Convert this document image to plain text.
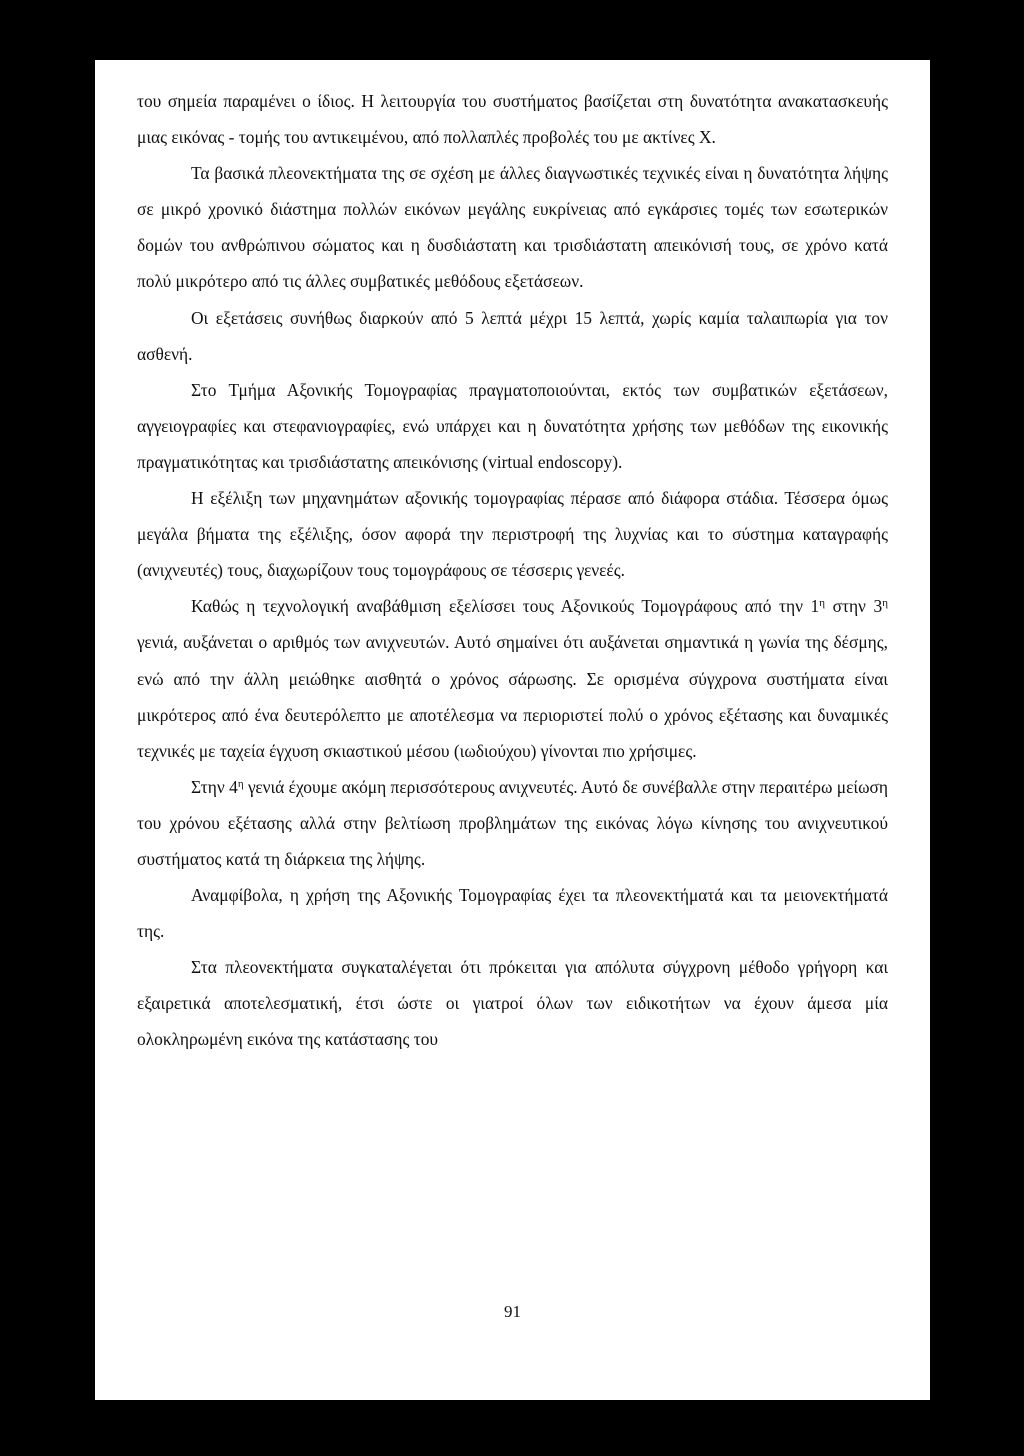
του σημεία παραμένει ο ίδιος. Η λειτουργία του συστήματος βασίζεται στη δυνατότητα ανακατασκευής μιας εικόνας - τομής του αντικειμένου, από πολλαπλές προβολές του με ακτίνες Χ.

Τα βασικά πλεονεκτήματα της σε σχέση με άλλες διαγνωστικές τεχνικές είναι η δυνατότητα λήψης σε μικρό χρονικό διάστημα πολλών εικόνων μεγάλης ευκρίνειας από εγκάρσιες τομές των εσωτερικών δομών του ανθρώπινου σώματος και η δυσδιάστατη και τρισδιάστατη απεικόνισή τους, σε χρόνο κατά πολύ μικρότερο από τις άλλες συμβατικές μεθόδους εξετάσεων.

Οι εξετάσεις συνήθως διαρκούν από 5 λεπτά μέχρι 15 λεπτά, χωρίς καμία ταλαιπωρία για τον ασθενή.

Στο Τμήμα Αξονικής Τομογραφίας πραγματοποιούνται, εκτός των συμβατικών εξετάσεων, αγγειογραφίες και στεφανιογραφίες, ενώ υπάρχει και η δυνατότητα χρήσης των μεθόδων της εικονικής πραγματικότητας και τρισδιάστατης απεικόνισης (virtual endoscopy).

Η εξέλιξη των μηχανημάτων αξονικής τομογραφίας πέρασε από διάφορα στάδια. Τέσσερα όμως μεγάλα βήματα της εξέλιξης, όσον αφορά την περιστροφή της λυχνίας και το σύστημα καταγραφής (ανιχνευτές) τους, διαχωρίζουν τους τομογράφους σε τέσσερις γενεές.

Καθώς η τεχνολογική αναβάθμιση εξελίσσει τους Αξονικούς Τομογράφους από την $1^\eta$ στην $3^\eta$ γενιά, αυξάνεται ο αριθμός των ανιχνευτών. Αυτό σημαίνει ότι αυξάνεται σημαντικά η γωνία της δέσμης, ενώ από την άλλη μειώθηκε αισθητά ο χρόνος σάρωσης. Σε ορισμένα σύγχρονα συστήματα είναι μικρότερος από ένα δευτερόλεπτο με αποτέλεσμα να περιοριστεί πολύ ο χρόνος εξέτασης και δυναμικές τεχνικές με ταχεία έγχυση σκιαστικού μέσου (ιωδιούχου) γίνονται πιο χρήσιμες.

Στην $4^\eta$ γενιά έχουμε ακόμη περισσότερους ανιχνευτές. Αυτό δε συνέβαλλε στην περαιτέρω μείωση του χρόνου εξέτασης αλλά στην βελτίωση προβλημάτων της εικόνας λόγω κίνησης του ανιχνευτικού συστήματος κατά τη διάρκεια της λήψης.

Αναμφίβολα, η χρήση της Αξονικής Τομογραφίας έχει τα πλεονεκτήματά και τα μειονεκτήματά της.

Στα πλεονεκτήματα συγκαταλέγεται ότι πρόκειται για απόλυτα σύγχρονη μέθοδο γρήγορη και εξαιρετικά αποτελεσματική, έτσι ώστε οι γιατροί όλων των ειδικοτήτων να έχουν άμεσα μία ολοκληρωμένη εικόνα της κατάστασης του

91
